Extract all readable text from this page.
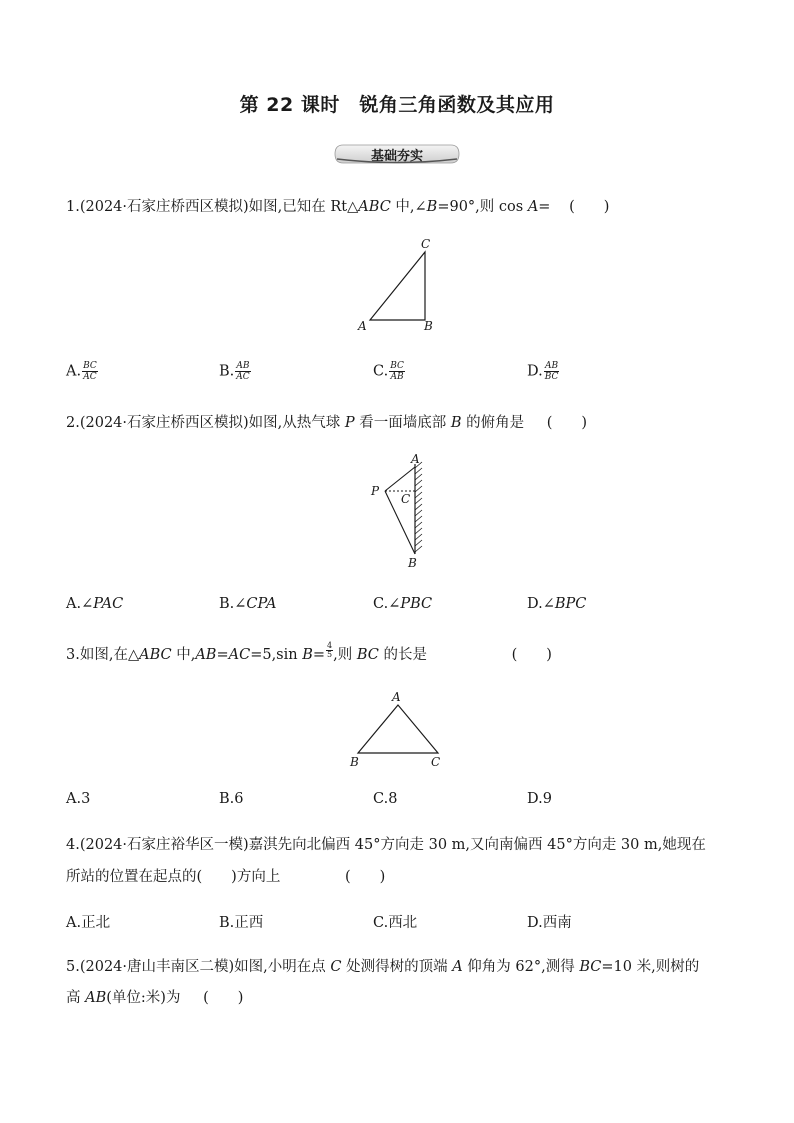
第 22 课时　锐角三角函数及其应用
基础夯实
1.(2024·石家庄桥西区模拟)如图,已知在 Rt△ABC 中,∠B=90°,则 cos A= (　　)
C
A	B
A. $\frac{BC}{AC}$	B. $\frac{AB}{AC}$	C. $\frac{BC}{AB}$	D. $\frac{AB}{BC}$
2.(2024·石家庄桥西区模拟)如图,从热气球 P 看一面墙底部 B 的俯角是 (　　)
A
P
C
B
A.∠PAC	B.∠CPA	C.∠PBC	D.∠BPC
3.如图,在△ABC 中,AB=AC=5,sin $B= \frac{4}{5}$ ,则 BC 的长是	(　　)
A
B	C
A.3	B.6	C.8	D.9
4.(2024·石家庄裕华区一模)嘉淇先向北偏西 45°方向走 30 m,又向南偏西 45°方向走 30 m,她现在
所站的位置在起点的(　　)方向上	(　　)
A.正北	B.正西	C.西北	D.西南
5.(2024·唐山丰南区二模)如图,小明在点 C 处测得树的顶端 A 仰角为 62°,测得 BC=10 米,则树的
高 AB(单位:米)为 (　　)
